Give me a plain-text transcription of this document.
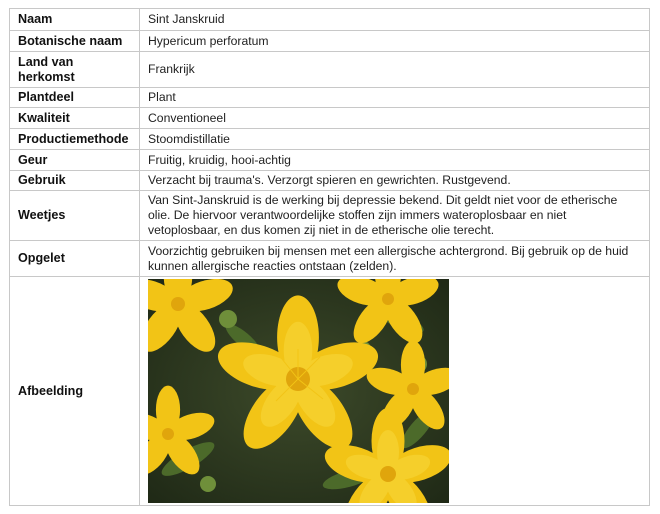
Naam	Sint Janskruid
Botanische naam	Hypericum perforatum
Land van herkomst	Frankrijk
Plantdeel	Plant
Kwaliteit	Conventioneel
Productiemethode	Stoomdistillatie
Geur	Fruitig, kruidig, hooi-achtig
Gebruik	Verzacht bij trauma's. Verzorgt spieren en gewrichten. Rustgevend.
Weetjes	Van Sint-Janskruid is de werking bij depressie bekend. Dit geldt niet voor de etherische olie. De hiervoor verantwoordelijke stoffen zijn immers wateroplosbaar en niet vetoplosbaar, en dus komen zij niet in de etherische olie terecht.
Opgelet	Voorzichtig gebruiken bij mensen met een allergische achtergrond. Bij gebruik op de huid kunnen allergische reacties ontstaan (zelden).
Afbeelding	
